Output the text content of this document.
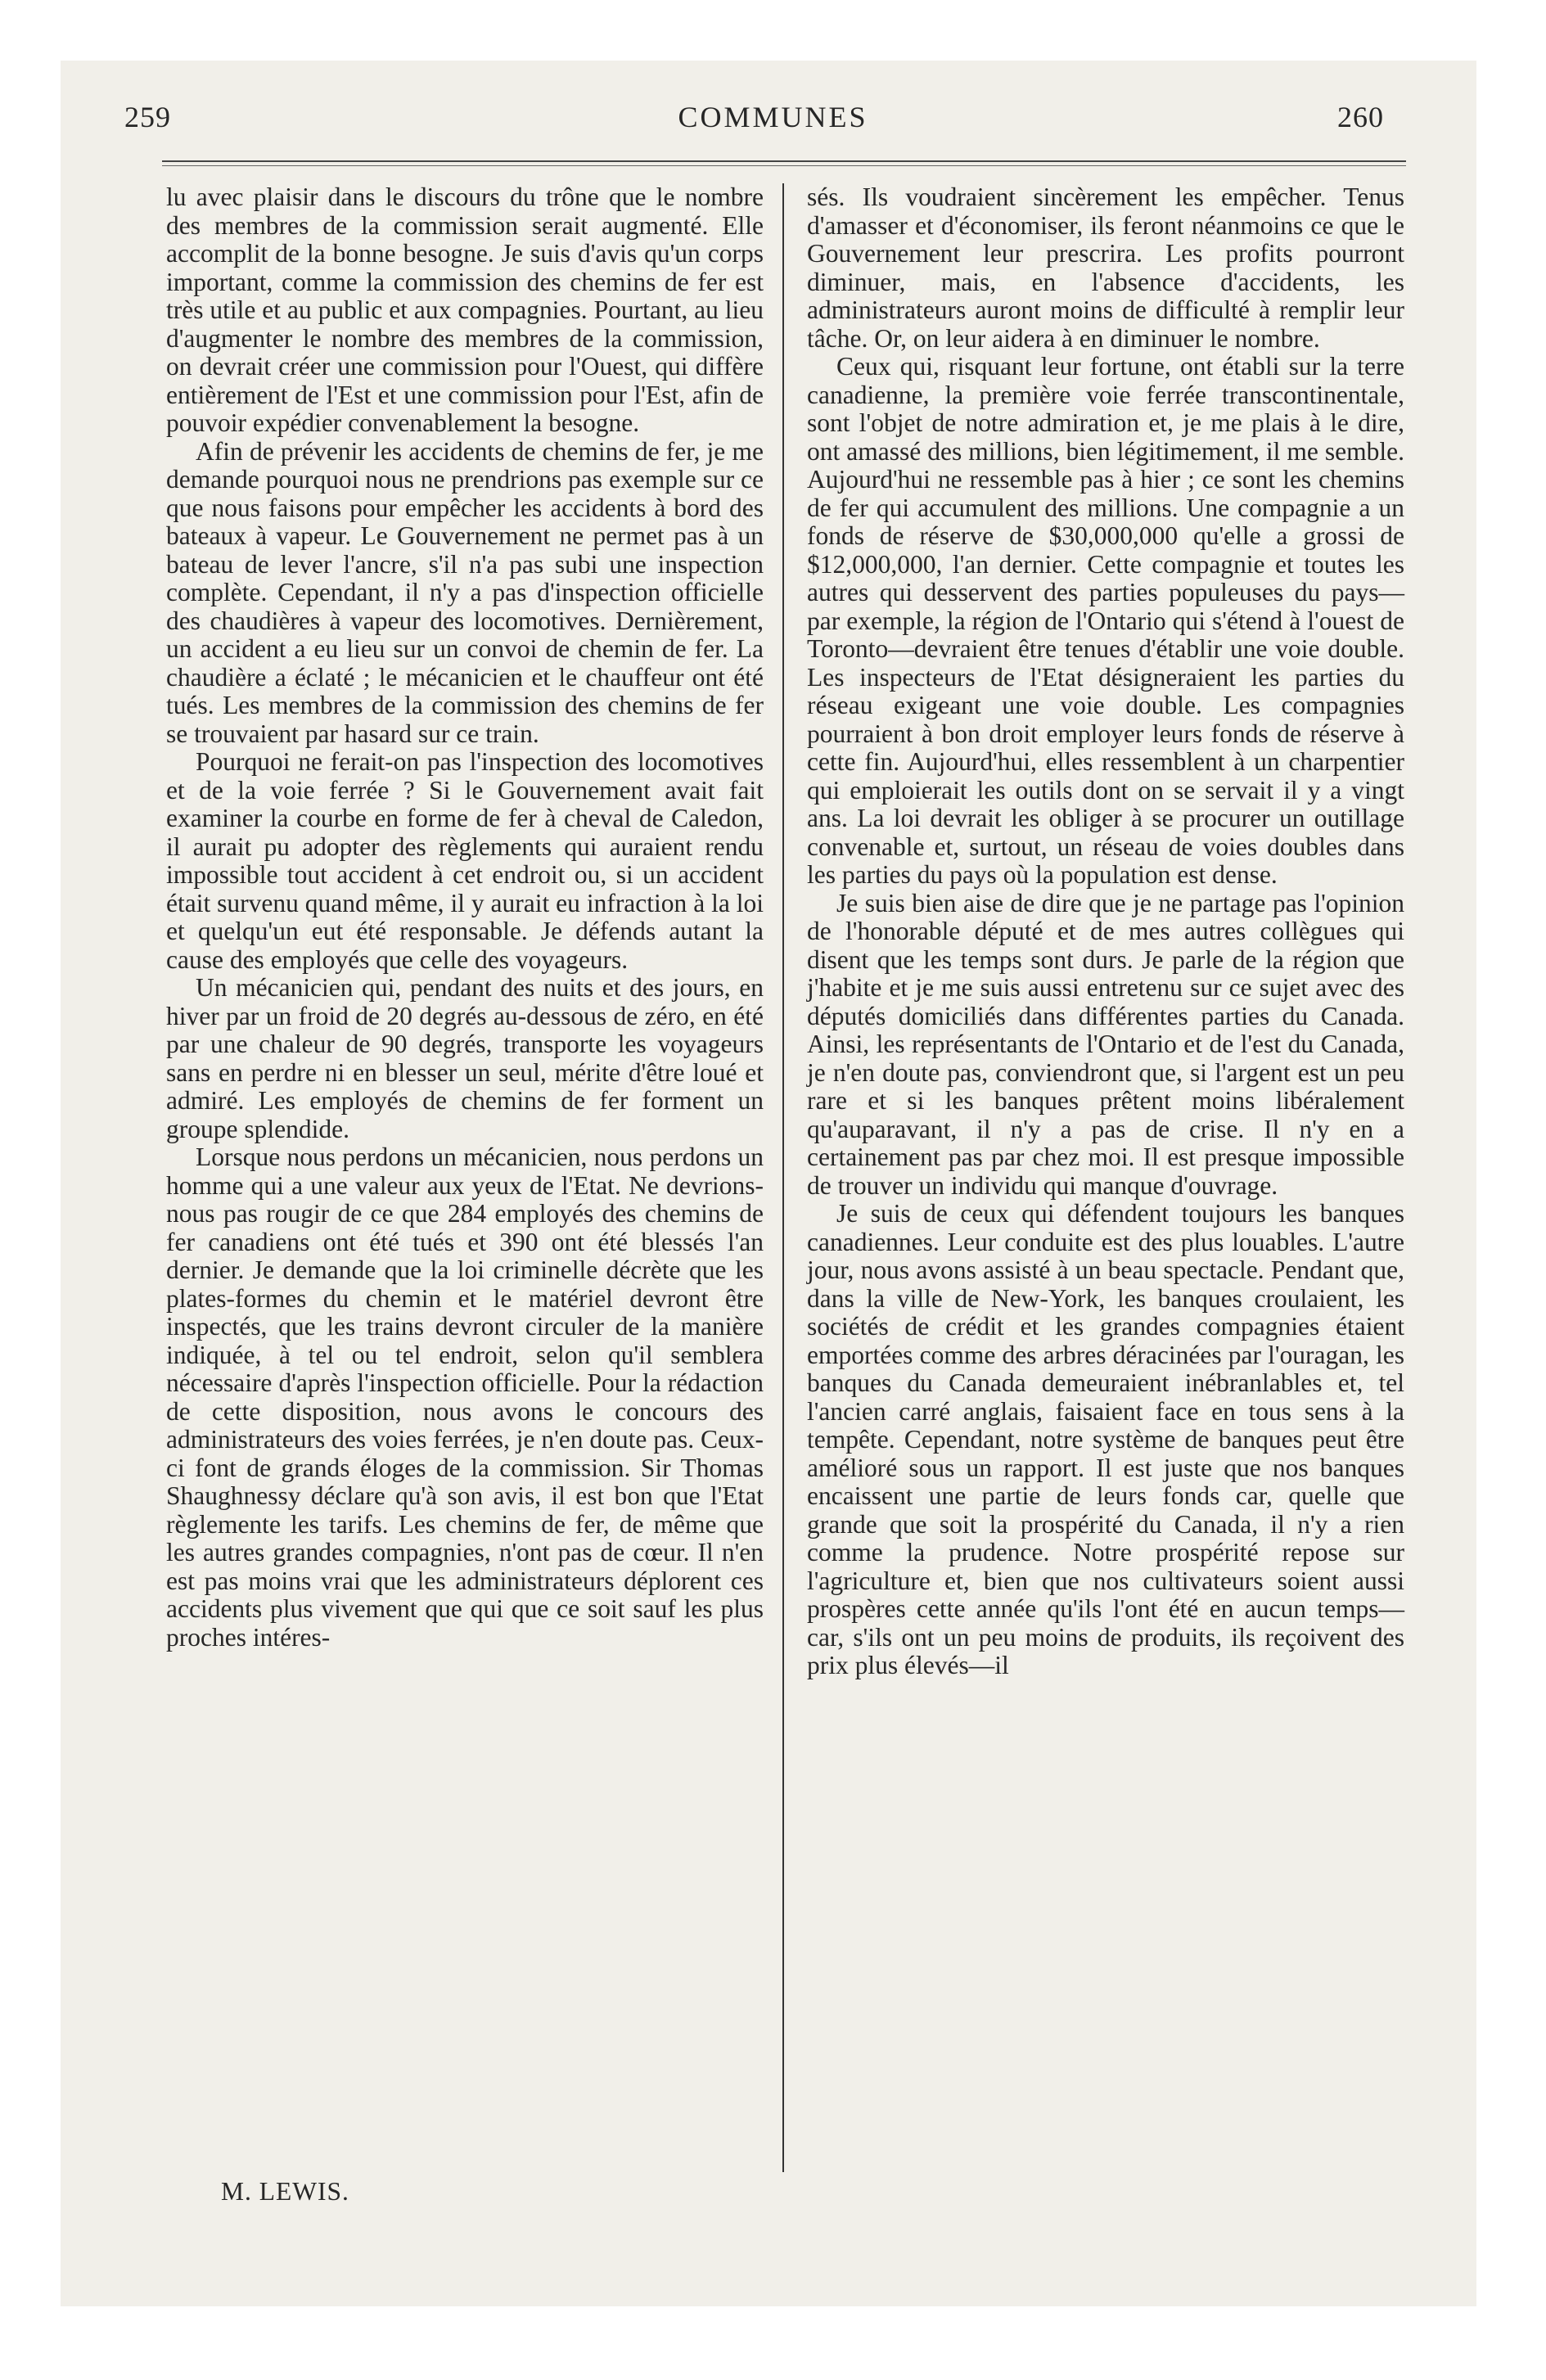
259	COMMUNES	260

lu avec plaisir dans le discours du trône que le nombre des membres de la commission serait augmenté. Elle accomplit de la bonne besogne. Je suis d'avis qu'un corps important, comme la commission des chemins de fer est très utile et au public et aux compagnies. Pourtant, au lieu d'augmenter le nombre des membres de la commission, on devrait créer une commission pour l'Ouest, qui diffère entièrement de l'Est et une commission pour l'Est, afin de pouvoir expédier convenablement la besogne.

Afin de prévenir les accidents de chemins de fer, je me demande pourquoi nous ne prendrions pas exemple sur ce que nous faisons pour empêcher les accidents à bord des bateaux à vapeur. Le Gouvernement ne permet pas à un bateau de lever l'ancre, s'il n'a pas subi une inspection complète. Cependant, il n'y a pas d'inspection officielle des chaudières à vapeur des locomotives. Dernièrement, un accident a eu lieu sur un convoi de chemin de fer. La chaudière a éclaté ; le mécanicien et le chauffeur ont été tués. Les membres de la commission des chemins de fer se trouvaient par hasard sur ce train.

Pourquoi ne ferait-on pas l'inspection des locomotives et de la voie ferrée ? Si le Gouvernement avait fait examiner la courbe en forme de fer à cheval de Caledon, il aurait pu adopter des règlements qui auraient rendu impossible tout accident à cet endroit ou, si un accident était survenu quand même, il y aurait eu infraction à la loi et quelqu'un eut été responsable. Je défends autant la cause des employés que celle des voyageurs.

Un mécanicien qui, pendant des nuits et des jours, en hiver par un froid de 20 degrés au-dessous de zéro, en été par une chaleur de 90 degrés, transporte les voyageurs sans en perdre ni en blesser un seul, mérite d'être loué et admiré. Les employés de chemins de fer forment un groupe splendide.

Lorsque nous perdons un mécanicien, nous perdons un homme qui a une valeur aux yeux de l'Etat. Ne devrions-nous pas rougir de ce que 284 employés des chemins de fer canadiens ont été tués et 390 ont été blessés l'an dernier. Je demande que la loi criminelle décrète que les plates-formes du chemin et le matériel devront être inspectés, que les trains devront circuler de la manière indiquée, à tel ou tel endroit, selon qu'il semblera nécessaire d'après l'inspection officielle. Pour la rédaction de cette disposition, nous avons le concours des administrateurs des voies ferrées, je n'en doute pas. Ceux-ci font de grands éloges de la commission. Sir Thomas Shaughnessy déclare qu'à son avis, il est bon que l'Etat règlemente les tarifs. Les chemins de fer, de même que les autres grandes compagnies, n'ont pas de cœur. Il n'en est pas moins vrai que les administrateurs déplorent ces accidents plus vivement que qui que ce soit sauf les plus proches intéres-

sés. Ils voudraient sincèrement les empêcher. Tenus d'amasser et d'économiser, ils feront néanmoins ce que le Gouvernement leur prescrira. Les profits pourront diminuer, mais, en l'absence d'accidents, les administrateurs auront moins de difficulté à remplir leur tâche. Or, on leur aidera à en diminuer le nombre.

Ceux qui, risquant leur fortune, ont établi sur la terre canadienne, la première voie ferrée transcontinentale, sont l'objet de notre admiration et, je me plais à le dire, ont amassé des millions, bien légitimement, il me semble. Aujourd'hui ne ressemble pas à hier ; ce sont les chemins de fer qui accumulent des millions. Une compagnie a un fonds de réserve de $30,000,000 qu'elle a grossi de $12,000,000, l'an dernier. Cette compagnie et toutes les autres qui desservent des parties populeuses du pays—par exemple, la région de l'Ontario qui s'étend à l'ouest de Toronto—devraient être tenues d'établir une voie double. Les inspecteurs de l'Etat désigneraient les parties du réseau exigeant une voie double. Les compagnies pourraient à bon droit employer leurs fonds de réserve à cette fin. Aujourd'hui, elles ressemblent à un charpentier qui emploierait les outils dont on se servait il y a vingt ans. La loi devrait les obliger à se procurer un outillage convenable et, surtout, un réseau de voies doubles dans les parties du pays où la population est dense.

Je suis bien aise de dire que je ne partage pas l'opinion de l'honorable député et de mes autres collègues qui disent que les temps sont durs. Je parle de la région que j'habite et je me suis aussi entretenu sur ce sujet avec des députés domiciliés dans différentes parties du Canada. Ainsi, les représentants de l'Ontario et de l'est du Canada, je n'en doute pas, conviendront que, si l'argent est un peu rare et si les banques prêtent moins libéralement qu'auparavant, il n'y a pas de crise. Il n'y en a certainement pas par chez moi. Il est presque impossible de trouver un individu qui manque d'ouvrage.

Je suis de ceux qui défendent toujours les banques canadiennes. Leur conduite est des plus louables. L'autre jour, nous avons assisté à un beau spectacle. Pendant que, dans la ville de New-York, les banques croulaient, les sociétés de crédit et les grandes compagnies étaient emportées comme des arbres déracinées par l'ouragan, les banques du Canada demeuraient inébranlables et, tel l'ancien carré anglais, faisaient face en tous sens à la tempête. Cependant, notre système de banques peut être amélioré sous un rapport. Il est juste que nos banques encaissent une partie de leurs fonds car, quelle que grande que soit la prospérité du Canada, il n'y a rien comme la prudence. Notre prospérité repose sur l'agriculture et, bien que nos cultivateurs soient aussi prospères cette année qu'ils l'ont été en aucun temps—car, s'ils ont un peu moins de produits, ils reçoivent des prix plus élevés—il

M. LEWIS.
